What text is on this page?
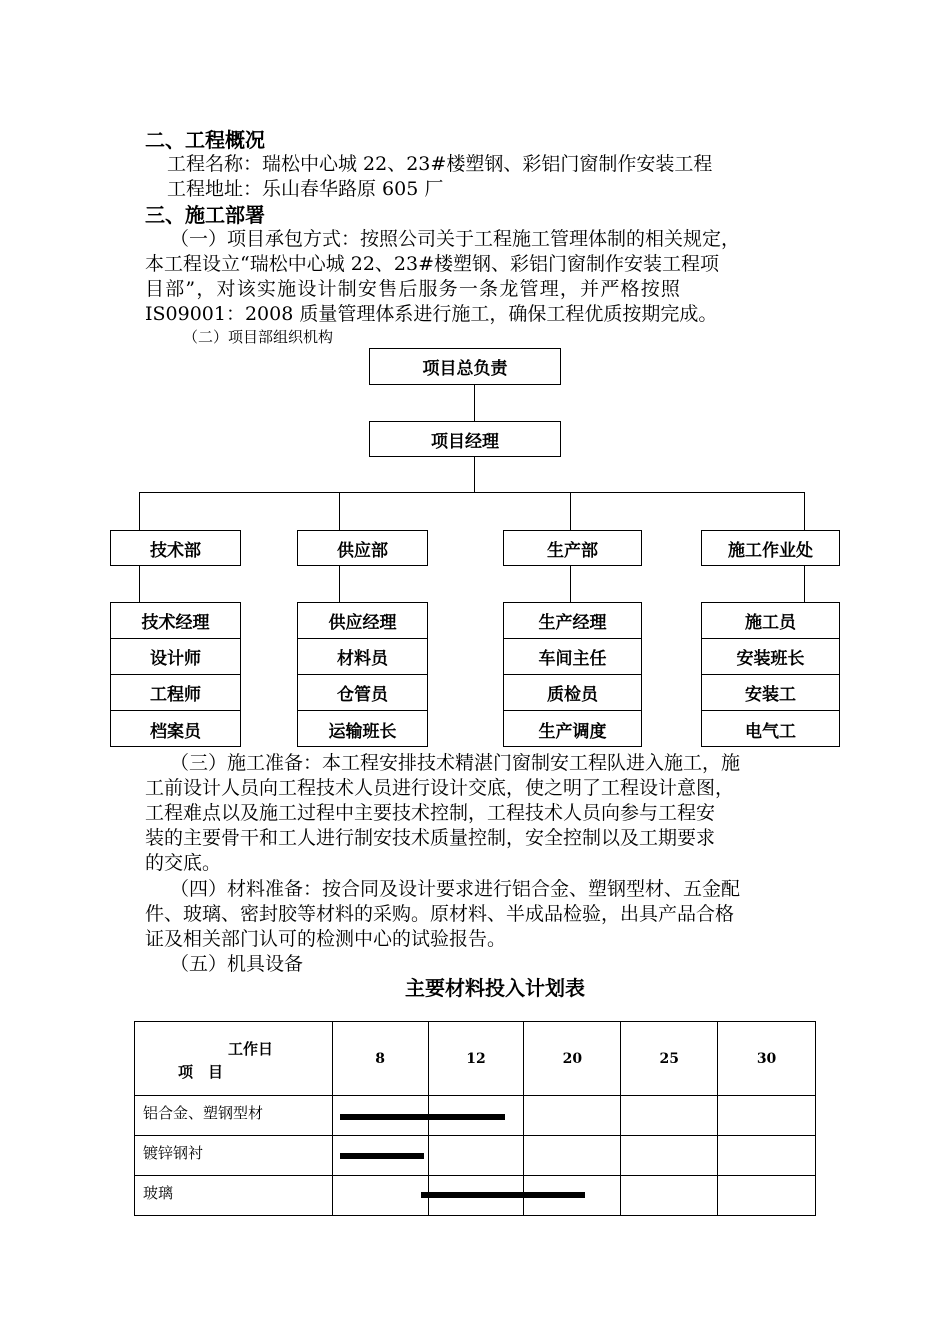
二、工程概况
工程名称：瑞松中心城 22、23#楼塑钢、彩铝门窗制作安装工程
工程地址：乐山春华路原 605 厂
三、施工部署
（一）项目承包方式：按照公司关于工程施工管理体制的相关规定，
本工程设立“瑞松中心城 22、23#楼塑钢、彩铝门窗制作安装工程项
目部”，对该实施设计制安售后服务一条龙管理，并严格按照
IS09001：2008 质量管理体系进行施工，确保工程优质按期完成。
（二）项目部组织机构
项目总负责
项目经理
技术部	供应部	生产部	施工作业处
技术经理
设计师
工程师
档案员
供应经理
材料员
仓管员
运输班长
生产经理
车间主任
质检员
生产调度
施工员
安装班长
安装工
电气工
（三）施工准备：本工程安排技术精湛门窗制安工程队进入施工，施
工前设计人员向工程技术人员进行设计交底，使之明了工程设计意图，
工程难点以及施工过程中主要技术控制，工程技术人员向参与工程安
装的主要骨干和工人进行制安技术质量控制，安全控制以及工期要求
的交底。
（四）材料准备：按合同及设计要求进行铝合金、塑钢型材、五金配
件、玻璃、密封胶等材料的采购。原材料、半成品检验，出具产品合格
证及相关部门认可的检测中心的试验报告。
（五）机具设备
主要材料投入计划表
工作日
项　目	8	12	20	25	30
铝合金、塑钢型材					
镀锌钢衬					
玻璃					
